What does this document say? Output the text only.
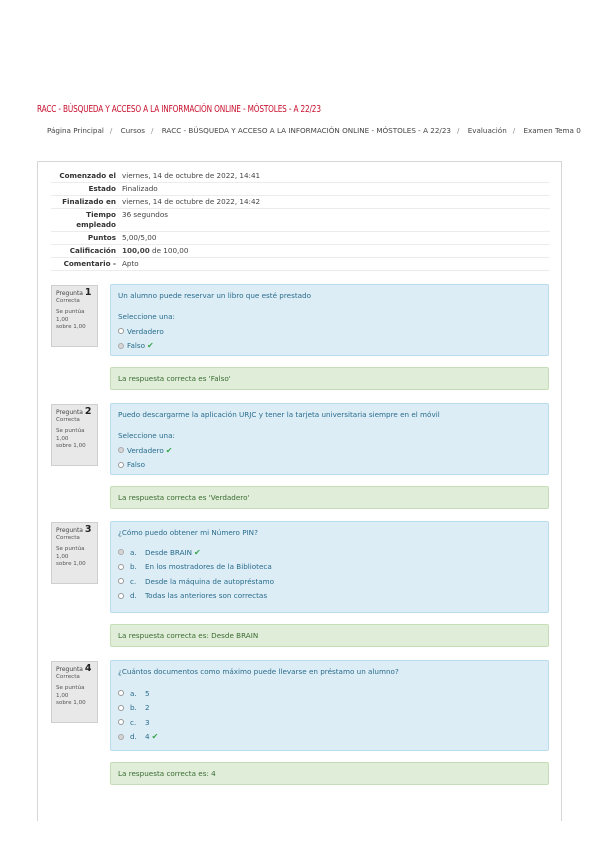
RACC - BÚSQUEDA Y ACCESO A LA INFORMACIÓN ONLINE - MÓSTOLES - A 22/23
Página Principal / Cursos / RACC - BÚSQUEDA Y ACCESO A LA INFORMACIÓN ONLINE - MÓSTOLES - A 22/23 / Evaluación / Examen Tema 0
Comenzado el	viernes, 14 de octubre de 2022, 14:41
Estado	Finalizado
Finalizado en	viernes, 14 de octubre de 2022, 14:42
Tiempo
empleado	36 segundos
Puntos	5,00/5,00
Calificación	100,00 de 100,00
Comentario -	Apto
Pregunta 1
Correcta
Se puntúa 1,00
sobre 1,00
Un alumno puede reservar un libro que esté prestado
Seleccione una:
Verdadero
Falso ✔
La respuesta correcta es 'Falso'
Pregunta 2
Correcta
Se puntúa 1,00
sobre 1,00
Puedo descargarme la aplicación URJC y tener la tarjeta universitaria siempre en el móvil
Seleccione una:
Verdadero ✔
Falso
La respuesta correcta es 'Verdadero'
Pregunta 3
Correcta
Se puntúa 1,00
sobre 1,00
¿Cómo puedo obtener mi Número PIN?
a.	Desde BRAIN ✔
b.	En los mostradores de la Biblioteca
c.	Desde la máquina de autopréstamo
d.	Todas las anteriores son correctas
La respuesta correcta es: Desde BRAIN
Pregunta 4
Correcta
Se puntúa 1,00
sobre 1,00
¿Cuántos documentos como máximo puede llevarse en préstamo un alumno?
a.	5
b.	2
c.	3
d.	4 ✔
La respuesta correcta es: 4
